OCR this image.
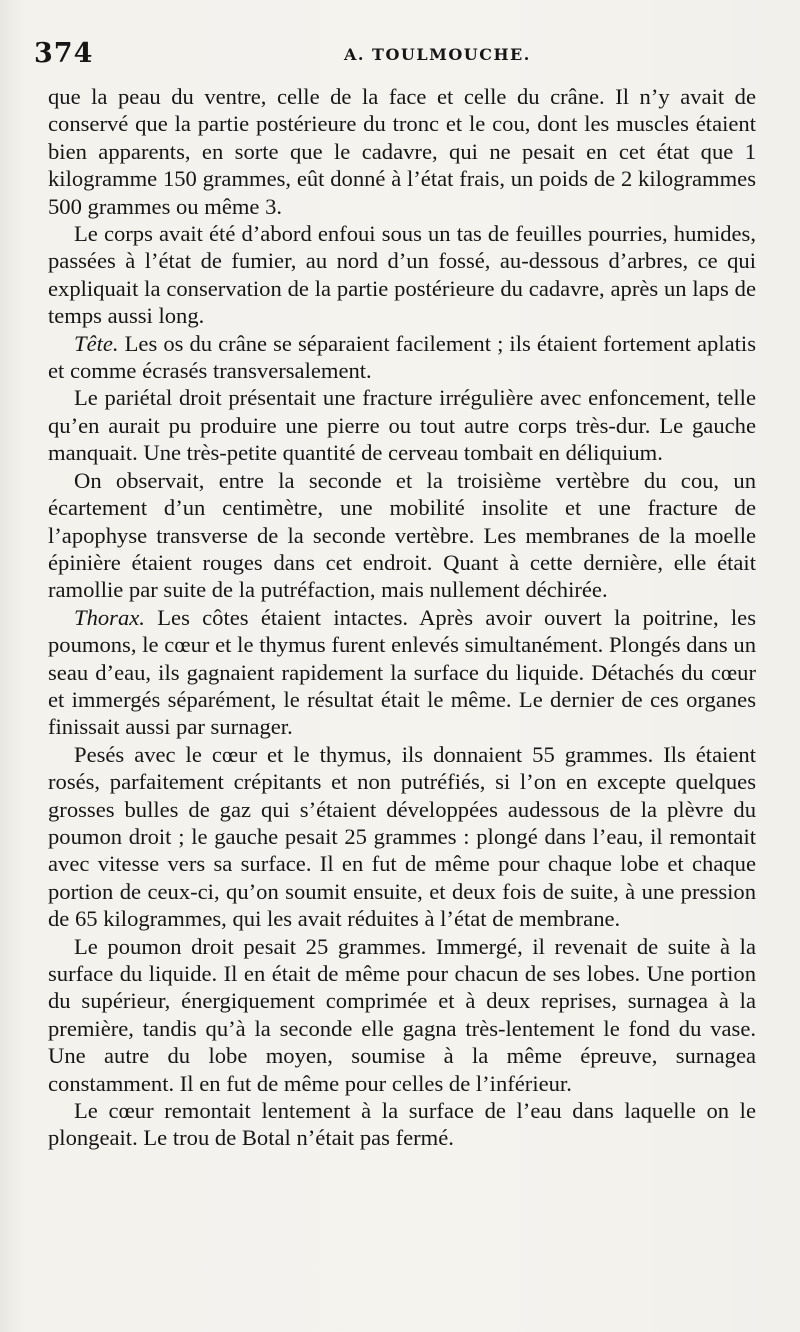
374	A. TOULMOUCHE.

que la peau du ventre, celle de la face et celle du crâne. Il n’y avait de conservé que la partie postérieure du tronc et le cou, dont les muscles étaient bien apparents, en sorte que le cadavre, qui ne pesait en cet état que 1 kilogramme 150 grammes, eût donné à l’état frais, un poids de 2 kilogrammes 500 grammes ou même 3.

Le corps avait été d’abord enfoui sous un tas de feuilles pourries, humides, passées à l’état de fumier, au nord d’un fossé, au-dessous d’arbres, ce qui expliquait la conservation de la partie postérieure du cadavre, après un laps de temps aussi long.

Tête. Les os du crâne se séparaient facilement ; ils étaient fortement aplatis et comme écrasés transversalement.

Le pariétal droit présentait une fracture irrégulière avec enfoncement, telle qu’en aurait pu produire une pierre ou tout autre corps très-dur. Le gauche manquait. Une très-petite quantité de cerveau tombait en déliquium.

On observait, entre la seconde et la troisième vertèbre du cou, un écartement d’un centimètre, une mobilité insolite et une fracture de l’apophyse transverse de la seconde vertèbre. Les membranes de la moelle épinière étaient rouges dans cet endroit. Quant à cette dernière, elle était ramollie par suite de la putréfaction, mais nullement déchirée.

Thorax. Les côtes étaient intactes. Après avoir ouvert la poitrine, les poumons, le cœur et le thymus furent enlevés simultanément. Plongés dans un seau d’eau, ils gagnaient rapidement la surface du liquide. Détachés du cœur et immergés séparément, le résultat était le même. Le dernier de ces organes finissait aussi par surnager.

Pesés avec le cœur et le thymus, ils donnaient 55 grammes. Ils étaient rosés, parfaitement crépitants et non putréfiés, si l’on en excepte quelques grosses bulles de gaz qui s’étaient développées audessous de la plèvre du poumon droit ; le gauche pesait 25 grammes : plongé dans l’eau, il remontait avec vitesse vers sa surface. Il en fut de même pour chaque lobe et chaque portion de ceux-ci, qu’on soumit ensuite, et deux fois de suite, à une pression de 65 kilogrammes, qui les avait réduites à l’état de membrane.

Le poumon droit pesait 25 grammes. Immergé, il revenait de suite à la surface du liquide. Il en était de même pour chacun de ses lobes. Une portion du supérieur, énergiquement comprimée et à deux reprises, surnagea à la première, tandis qu’à la seconde elle gagna très-lentement le fond du vase. Une autre du lobe moyen, soumise à la même épreuve, surnagea constamment. Il en fut de même pour celles de l’inférieur.

Le cœur remontait lentement à la surface de l’eau dans laquelle on le plongeait. Le trou de Botal n’était pas fermé.
